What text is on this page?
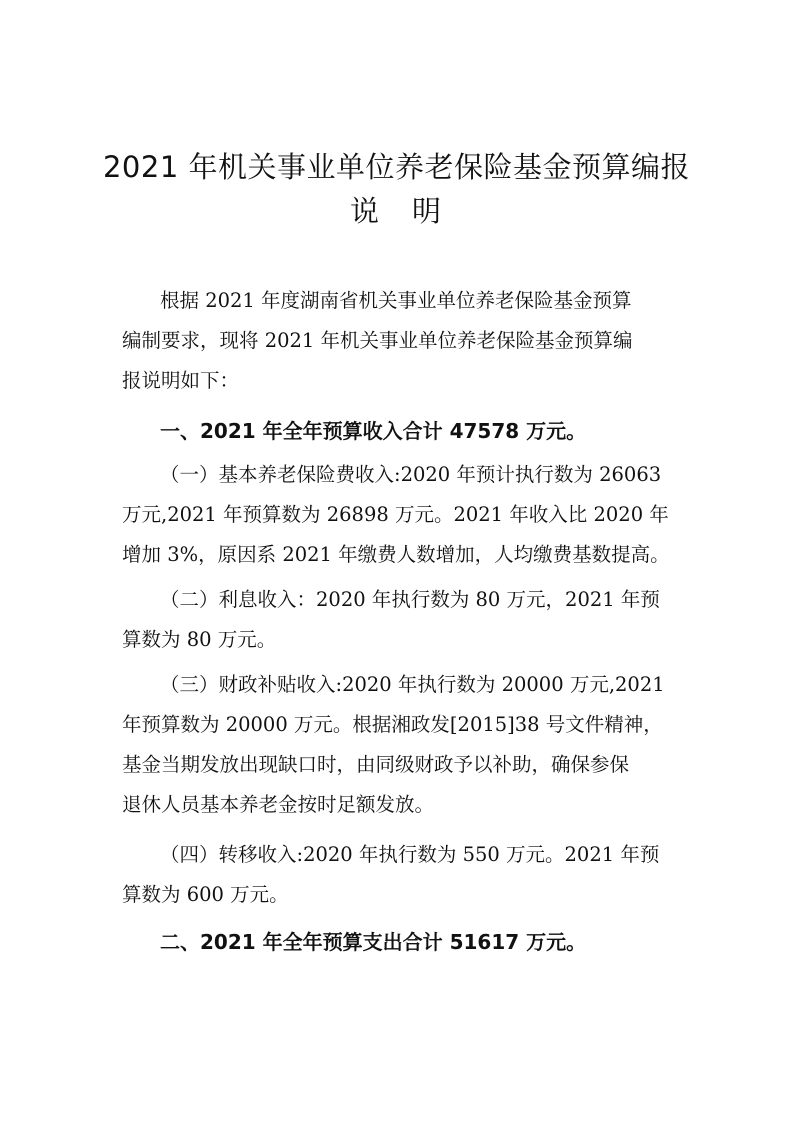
2021 年机关事业单位养老保险基金预算编报
说　明
根据 2021 年度湖南省机关事业单位养老保险基金预算
编制要求，现将 2021 年机关事业单位养老保险基金预算编
报说明如下：
一、2021 年全年预算收入合计 47578 万元。
（一）基本养老保险费收入:2020 年预计执行数为 26063
万元,2021 年预算数为 26898 万元。2021 年收入比 2020 年
增加 3%，原因系 2021 年缴费人数增加，人均缴费基数提高。
（二）利息收入：2020 年执行数为 80 万元，2021 年预
算数为 80 万元。
（三）财政补贴收入:2020 年执行数为 20000 万元,2021
年预算数为 20000 万元。根据湘政发[2015]38 号文件精神，
基金当期发放出现缺口时，由同级财政予以补助，确保参保
退休人员基本养老金按时足额发放。
（四）转移收入:2020 年执行数为 550 万元。2021 年预
算数为 600 万元。
二、2021 年全年预算支出合计 51617 万元。
